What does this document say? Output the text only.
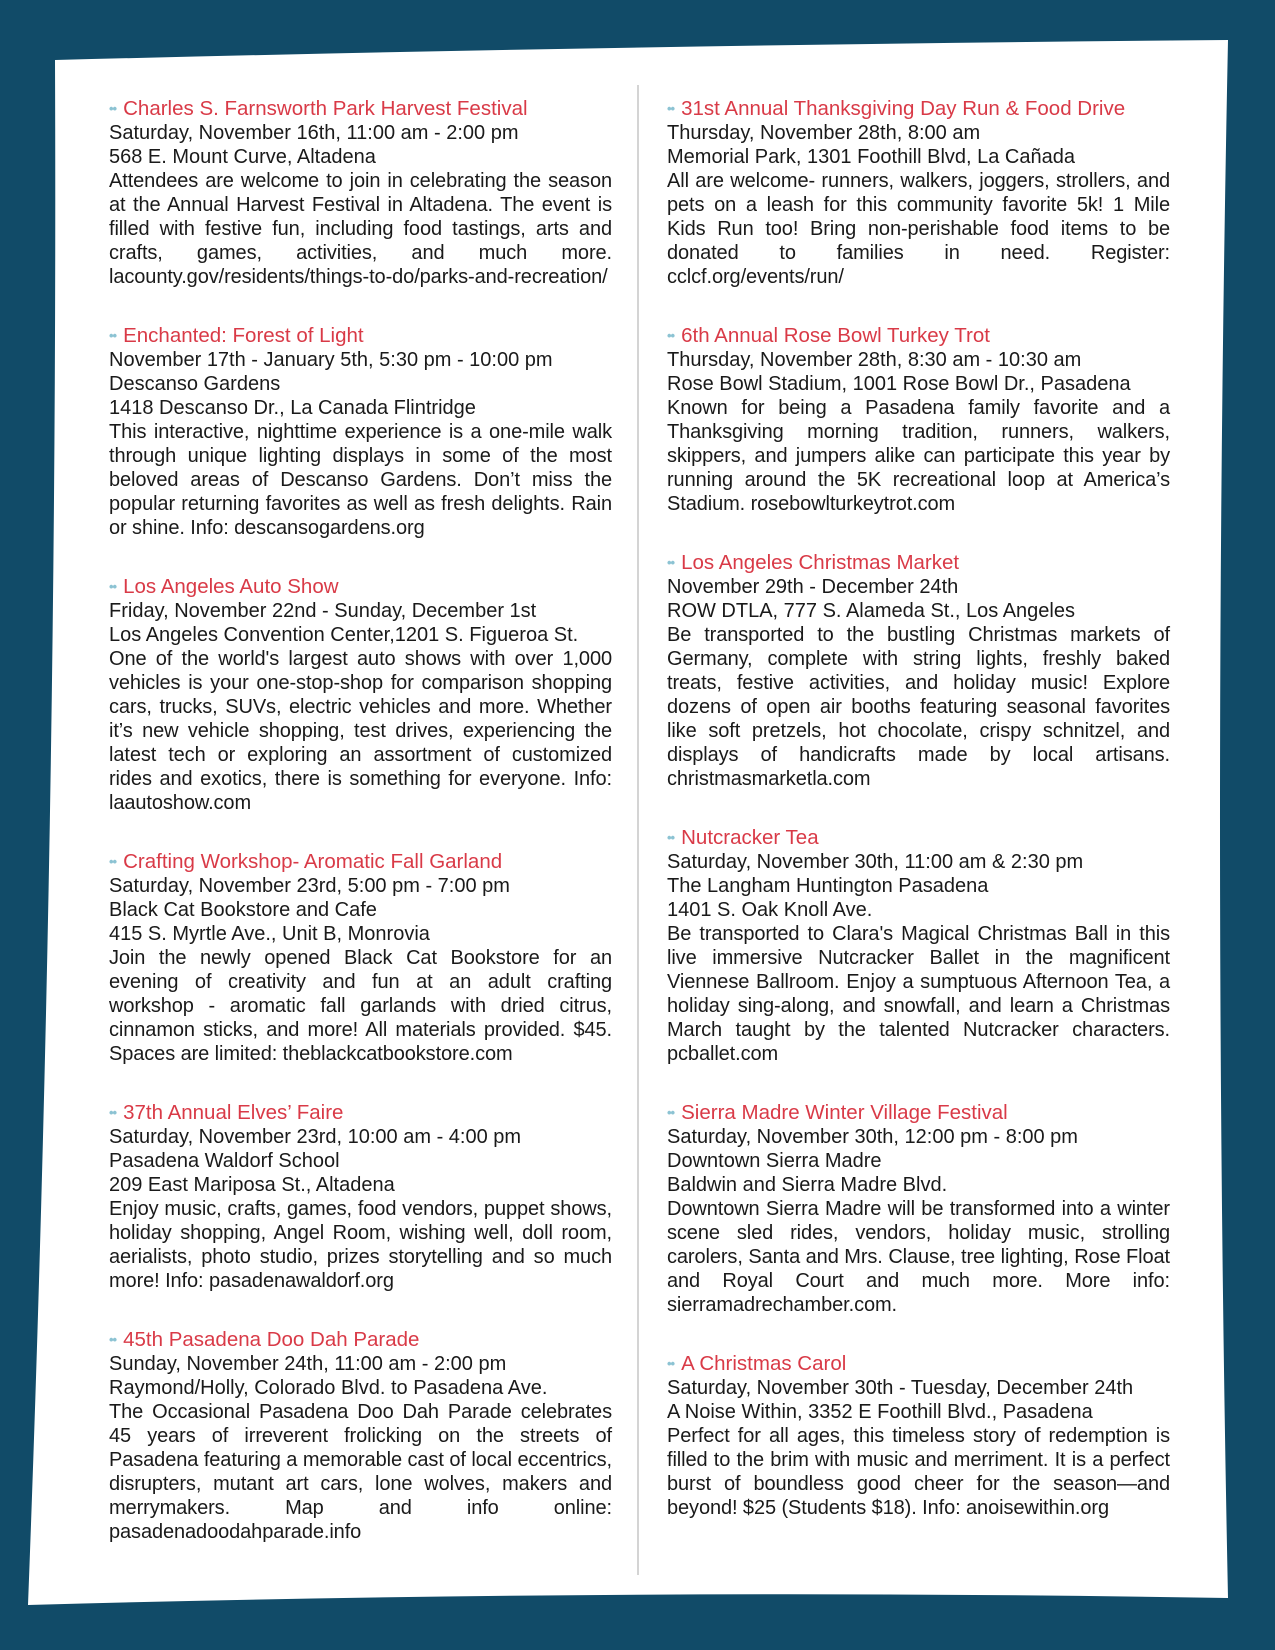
•• Charles S. Farnsworth Park Harvest Festival
Saturday, November 16th, 11:00 am - 2:00 pm
568 E. Mount Curve, Altadena
Attendees are welcome to join in celebrating the season at the Annual Harvest Festival in Altadena. The event is filled with festive fun, including food tastings, arts and crafts, games, activities, and much more. lacounty.gov/residents/things-to-do/parks-and-recreation/
•• Enchanted: Forest of Light
November 17th - January 5th, 5:30 pm - 10:00 pm
Descanso Gardens
1418 Descanso Dr., La Canada Flintridge
This interactive, nighttime experience is a one-mile walk through unique lighting displays in some of the most beloved areas of Descanso Gardens. Don’t miss the popular returning favorites as well as fresh delights. Rain or shine. Info: descansogardens.org
•• Los Angeles Auto Show
Friday, November 22nd - Sunday, December 1st
Los Angeles Convention Center,1201 S. Figueroa St.
One of the world's largest auto shows with over 1,000 vehicles is your one-stop-shop for comparison shopping cars, trucks, SUVs, electric vehicles and more. Whether it’s new vehicle shopping, test drives, experiencing the latest tech or exploring an assortment of customized rides and exotics, there is something for everyone. Info: laautoshow.com
•• Crafting Workshop- Aromatic Fall Garland
Saturday, November 23rd, 5:00 pm - 7:00 pm
Black Cat Bookstore and Cafe
415 S. Myrtle Ave., Unit B, Monrovia
Join the newly opened Black Cat Bookstore for an evening of creativity and fun at an adult crafting workshop - aromatic fall garlands with dried citrus, cinnamon sticks, and more! All materials provided. $45. Spaces are limited: theblackcatbookstore.com
•• 37th Annual Elves’ Faire
Saturday, November 23rd, 10:00 am - 4:00 pm
Pasadena Waldorf School
209 East Mariposa St., Altadena
Enjoy music, crafts, games, food vendors, puppet shows, holiday shopping, Angel Room, wishing well, doll room, aerialists, photo studio, prizes storytelling and so much more! Info: pasadenawaldorf.org
•• 45th Pasadena Doo Dah Parade
Sunday, November 24th, 11:00 am - 2:00 pm
Raymond/Holly, Colorado Blvd. to Pasadena Ave.
The Occasional Pasadena Doo Dah Parade celebrates 45 years of irreverent frolicking on the streets of Pasadena featuring a memorable cast of local eccentrics, disrupters, mutant art cars, lone wolves, makers and merrymakers. Map and info online: pasadenadoodahparade.info
•• 31st Annual Thanksgiving Day Run & Food Drive
Thursday, November 28th, 8:00 am
Memorial Park, 1301 Foothill Blvd, La Cañada
All are welcome- runners, walkers, joggers, strollers, and pets on a leash for this community favorite 5k! 1 Mile Kids Run too! Bring non-perishable food items to be donated to families in need. Register: cclcf.org/events/run/
•• 6th Annual Rose Bowl Turkey Trot
Thursday, November 28th, 8:30 am - 10:30 am
Rose Bowl Stadium, 1001 Rose Bowl Dr., Pasadena
Known for being a Pasadena family favorite and a Thanksgiving morning tradition, runners, walkers, skippers, and jumpers alike can participate this year by running around the 5K recreational loop at America’s Stadium. rosebowlturkeytrot.com
•• Los Angeles Christmas Market
November 29th - December 24th
ROW DTLA, 777 S. Alameda St., Los Angeles
Be transported to the bustling Christmas markets of Germany, complete with string lights, freshly baked treats, festive activities, and holiday music! Explore dozens of open air booths featuring seasonal favorites like soft pretzels, hot chocolate, crispy schnitzel, and displays of handicrafts made by local artisans. christmasmarketla.com
•• Nutcracker Tea
Saturday, November 30th, 11:00 am & 2:30 pm
The Langham Huntington Pasadena
1401 S. Oak Knoll Ave.
Be transported to Clara's Magical Christmas Ball in this live immersive Nutcracker Ballet in the magnificent Viennese Ballroom. Enjoy a sumptuous Afternoon Tea, a holiday sing-along, and snowfall, and learn a Christmas March taught by the talented Nutcracker characters. pcballet.com
•• Sierra Madre Winter Village Festival
Saturday, November 30th, 12:00 pm - 8:00 pm
Downtown Sierra Madre
Baldwin and Sierra Madre Blvd.
Downtown Sierra Madre will be transformed into a winter scene sled rides, vendors, holiday music, strolling carolers, Santa and Mrs. Clause, tree lighting, Rose Float and Royal Court and much more. More info: sierramadrechamber.com.
•• A Christmas Carol
Saturday, November 30th - Tuesday, December 24th
A Noise Within, 3352 E Foothill Blvd., Pasadena
Perfect for all ages, this timeless story of redemption is filled to the brim with music and merriment. It is a perfect burst of boundless good cheer for the season—and beyond! $25 (Students $18). Info: anoisewithin.org
